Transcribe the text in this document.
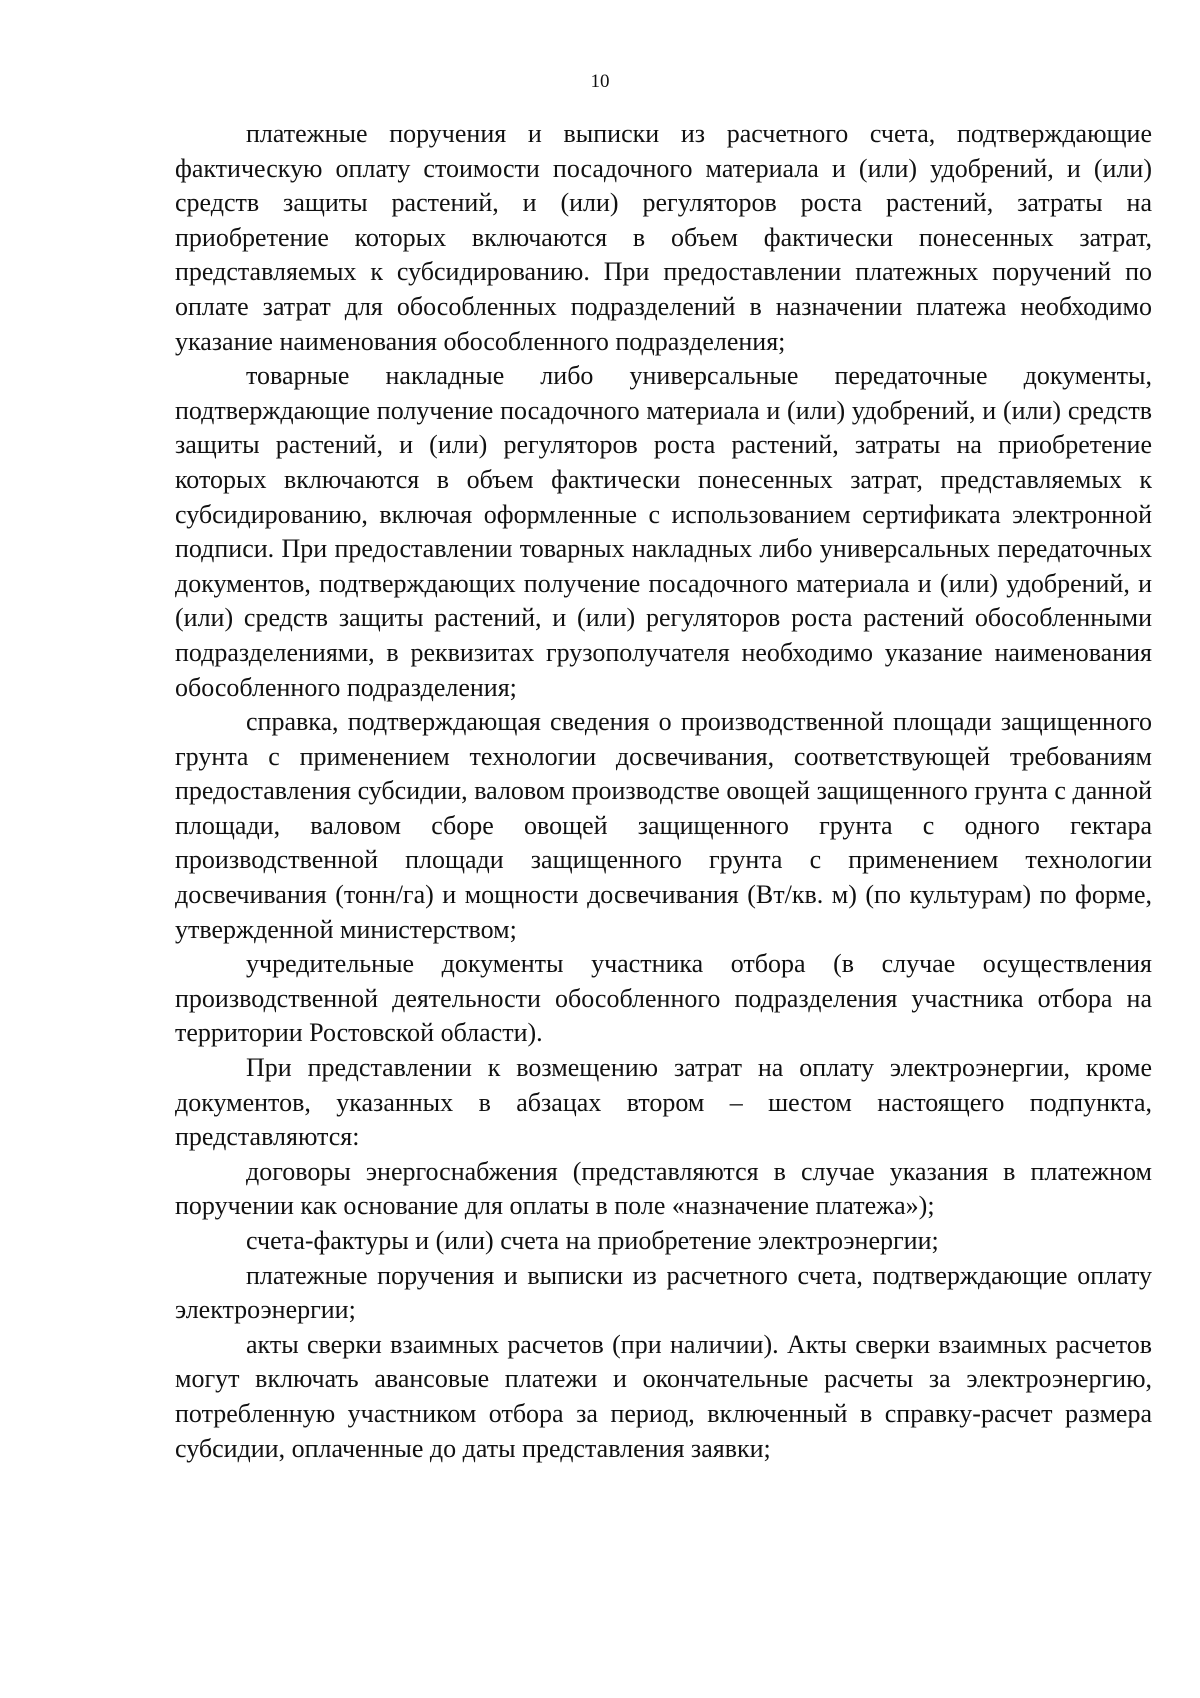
10

платежные поручения и выписки из расчетного счета, подтверждающие фактическую оплату стоимости посадочного материала и (или) удобрений, и (или) средств защиты растений, и (или) регуляторов роста растений, затраты на приобретение которых включаются в объем фактически понесенных затрат, представляемых к субсидированию. При предоставлении платежных поручений по оплате затрат для обособленных подразделений в назначении платежа необходимо указание наименования обособленного подразделения;

товарные накладные либо универсальные передаточные документы, подтверждающие получение посадочного материала и (или) удобрений, и (или) средств защиты растений, и (или) регуляторов роста растений, затраты на приобретение которых включаются в объем фактически понесенных затрат, представляемых к субсидированию, включая оформленные с использованием сертификата электронной подписи. При предоставлении товарных накладных либо универсальных передаточных документов, подтверждающих получение посадочного материала и (или) удобрений, и (или) средств защиты растений, и (или) регуляторов роста растений обособленными подразделениями, в реквизитах грузополучателя необходимо указание наименования обособленного подразделения;

справка, подтверждающая сведения о производственной площади защищенного грунта с применением технологии досвечивания, соответствующей требованиям предоставления субсидии, валовом производстве овощей защищенного грунта с данной площади, валовом сборе овощей защищенного грунта с одного гектара производственной площади защищенного грунта с применением технологии досвечивания (тонн/га) и мощности досвечивания (Вт/кв. м) (по культурам) по форме, утвержденной министерством;

учредительные документы участника отбора (в случае осуществления производственной деятельности обособленного подразделения участника отбора на территории Ростовской области).

При представлении к возмещению затрат на оплату электроэнергии, кроме документов, указанных в абзацах втором – шестом настоящего подпункта, представляются:

договоры энергоснабжения (представляются в случае указания в платежном поручении как основание для оплаты в поле «назначение платежа»);

счета-фактуры и (или) счета на приобретение электроэнергии;

платежные поручения и выписки из расчетного счета, подтверждающие оплату электроэнергии;

акты сверки взаимных расчетов (при наличии). Акты сверки взаимных расчетов могут включать авансовые платежи и окончательные расчеты за электроэнергию, потребленную участником отбора за период, включенный в справку-расчет размера субсидии, оплаченные до даты представления заявки;
